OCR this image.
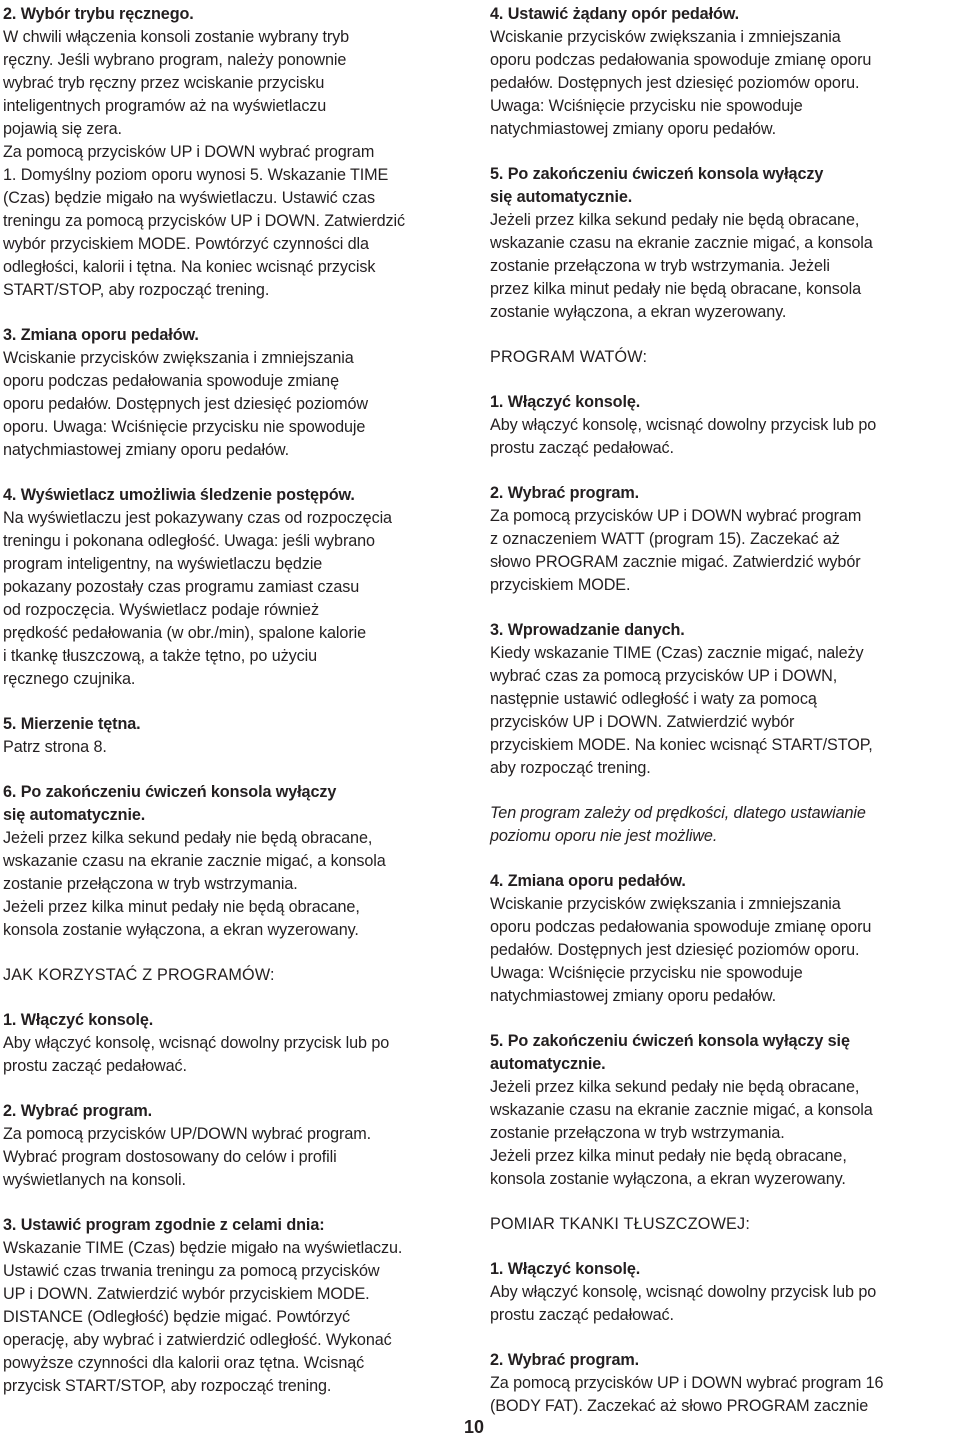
2. Wybór trybu ręcznego.
W chwili włączenia konsoli zostanie wybrany tryb
ręczny. Jeśli wybrano program, należy ponownie
wybrać tryb ręczny przez wciskanie przycisku
inteligentnych programów aż na wyświetlaczu
pojawią się zera.
Za pomocą przycisków UP i DOWN wybrać program
1. Domyślny poziom oporu wynosi 5. Wskazanie TIME
(Czas) będzie migało na wyświetlaczu. Ustawić czas
treningu za pomocą przycisków UP i DOWN. Zatwierdzić
wybór przyciskiem MODE. Powtórzyć czynności dla
odległości, kalorii i tętna. Na koniec wcisnąć przycisk
START/STOP, aby rozpocząć trening.
3. Zmiana oporu pedałów.
Wciskanie przycisków zwiększania i zmniejszania
oporu podczas pedałowania spowoduje zmianę
oporu pedałów. Dostępnych jest dziesięć poziomów
oporu. Uwaga: Wciśnięcie przycisku nie spowoduje
natychmiastowej zmiany oporu pedałów.
4. Wyświetlacz umożliwia śledzenie postępów.
Na wyświetlaczu jest pokazywany czas od rozpoczęcia
treningu i pokonana odległość. Uwaga: jeśli wybrano
program inteligentny, na wyświetlaczu będzie
pokazany pozostały czas programu zamiast czasu
od rozpoczęcia. Wyświetlacz podaje również
prędkość pedałowania (w obr./min), spalone kalorie
i tkankę tłuszczową, a także tętno, po użyciu
ręcznego czujnika.
5. Mierzenie tętna.
Patrz strona 8.
6. Po zakończeniu ćwiczeń konsola wyłączy
się automatycznie.
Jeżeli przez kilka sekund pedały nie będą obracane,
wskazanie czasu na ekranie zacznie migać, a konsola
zostanie przełączona w tryb wstrzymania.
Jeżeli przez kilka minut pedały nie będą obracane,
konsola zostanie wyłączona, a ekran wyzerowany.
JAK KORZYSTAĆ Z PROGRAMÓW:
1. Włączyć konsolę.
Aby włączyć konsolę, wcisnąć dowolny przycisk lub po
prostu zacząć pedałować.
2. Wybrać program.
Za pomocą przycisków UP/DOWN wybrać program.
Wybrać program dostosowany do celów i profili
wyświetlanych na konsoli.
3. Ustawić program zgodnie z celami dnia:
Wskazanie TIME (Czas) będzie migało na wyświetlaczu.
Ustawić czas trwania treningu za pomocą przycisków
UP i DOWN. Zatwierdzić wybór przyciskiem MODE.
DISTANCE (Odległość) będzie migać. Powtórzyć
operację, aby wybrać i zatwierdzić odległość. Wykonać
powyższe czynności dla kalorii oraz tętna. Wcisnąć
przycisk START/STOP, aby rozpocząć trening.
4. Ustawić żądany opór pedałów.
Wciskanie przycisków zwiększania i zmniejszania
oporu podczas pedałowania spowoduje zmianę oporu
pedałów. Dostępnych jest dziesięć poziomów oporu.
Uwaga: Wciśnięcie przycisku nie spowoduje
natychmiastowej zmiany oporu pedałów.
5. Po zakończeniu ćwiczeń konsola wyłączy
się automatycznie.
Jeżeli przez kilka sekund pedały nie będą obracane,
wskazanie czasu na ekranie zacznie migać, a konsola
zostanie przełączona w tryb wstrzymania. Jeżeli
przez kilka minut pedały nie będą obracane, konsola
zostanie wyłączona, a ekran wyzerowany.
PROGRAM WATÓW:
1. Włączyć konsolę.
Aby włączyć konsolę, wcisnąć dowolny przycisk lub po
prostu zacząć pedałować.
2. Wybrać program.
Za pomocą przycisków UP i DOWN wybrać program
z oznaczeniem WATT (program 15). Zaczekać aż
słowo PROGRAM zacznie migać. Zatwierdzić wybór
przyciskiem MODE.
3. Wprowadzanie danych.
Kiedy wskazanie TIME (Czas) zacznie migać, należy
wybrać czas za pomocą przycisków UP i DOWN,
następnie ustawić odległość i waty za pomocą
przycisków UP i DOWN. Zatwierdzić wybór
przyciskiem MODE. Na koniec wcisnąć START/STOP,
aby rozpocząć trening.
Ten program zależy od prędkości, dlatego ustawianie
poziomu oporu nie jest możliwe.
4. Zmiana oporu pedałów.
Wciskanie przycisków zwiększania i zmniejszania
oporu podczas pedałowania spowoduje zmianę oporu
pedałów. Dostępnych jest dziesięć poziomów oporu.
Uwaga: Wciśnięcie przycisku nie spowoduje
natychmiastowej zmiany oporu pedałów.
5. Po zakończeniu ćwiczeń konsola wyłączy się
automatycznie.
Jeżeli przez kilka sekund pedały nie będą obracane,
wskazanie czasu na ekranie zacznie migać, a konsola
zostanie przełączona w tryb wstrzymania.
Jeżeli przez kilka minut pedały nie będą obracane,
konsola zostanie wyłączona, a ekran wyzerowany.
POMIAR TKANKI TŁUSZCZOWEJ:
1. Włączyć konsolę.
Aby włączyć konsolę, wcisnąć dowolny przycisk lub po
prostu zacząć pedałować.
2. Wybrać program.
Za pomocą przycisków UP i DOWN wybrać program 16
(BODY FAT). Zaczekać aż słowo PROGRAM zacznie
10
